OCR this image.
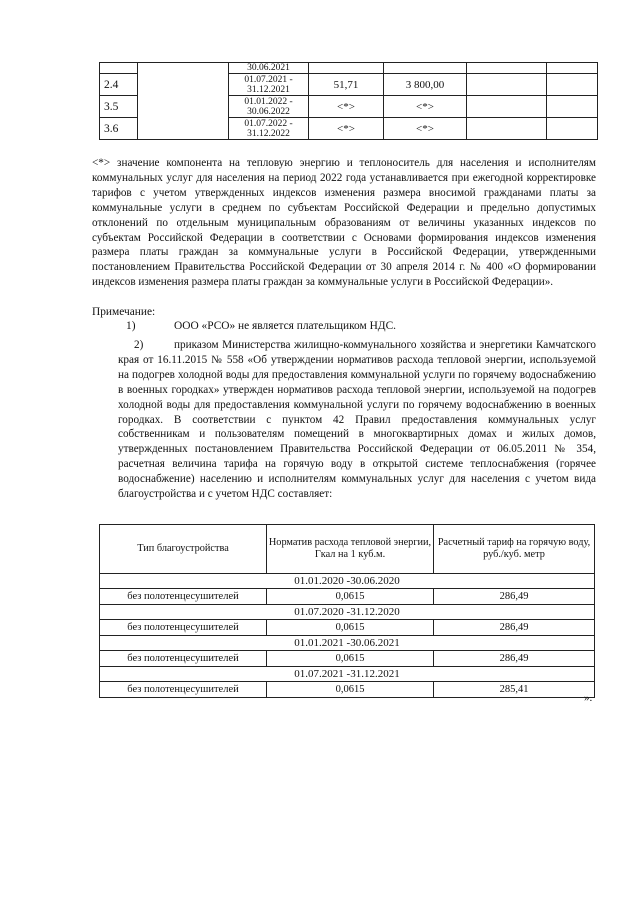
		30.06.2021				
2.4		01.07.2021 - 31.12.2021	51,71	3 800,00		
3.5		01.01.2022 - 30.06.2022	<*>	<*>		
3.6		01.07.2022 - 31.12.2022	<*>	<*>		
<*> значение компонента на тепловую энергию и теплоноситель для населения и исполнителям коммунальных услуг для населения на период 2022 года устанавливается при ежегодной корректировке тарифов с учетом утвержденных индексов изменения размера вносимой гражданами платы за коммунальные услуги в среднем по субъектам Российской Федерации и предельно допустимых отклонений по отдельным муниципальным образованиям от величины указанных индексов по субъектам Российской Федерации в соответствии с Основами формирования индексов изменения размера платы граждан за коммунальные услуги в Российской Федерации, утвержденными постановлением Правительства Российской Федерации от 30 апреля 2014 г. № 400 «О формировании индексов изменения размера платы граждан за коммунальные услуги в Российской Федерации».
Примечание:
1)	ООО «РСО» не является плательщиком НДС.

2)	приказом Министерства жилищно-коммунального хозяйства и энергетики Камчатского края от 16.11.2015 № 558 «Об утверждении нормативов расхода тепловой энергии, используемой на подогрев холодной воды для предоставления коммунальной услуги по горячему водоснабжению в военных городках» утвержден нормативов расхода тепловой энергии, используемой на подогрев холодной воды для предоставления коммунальной услуги по горячему водоснабжению в военных городках. В соответствии с пунктом 42 Правил предоставления коммунальных услуг собственникам и пользователям помещений в многоквартирных домах и жилых домов, утвержденных постановлением Правительства Российской Федерации от 06.05.2011 № 354, расчетная величина тарифа на горячую воду в открытой системе теплоснабжения (горячее водоснабжение) населению и исполнителям коммунальных услуг для населения с учетом вида благоустройства и с учетом НДС составляет:

Тип благоустройства	Норматив расхода тепловой энергии, Гкал на 1 куб.м.	Расчетный тариф на горячую воду, руб./куб. метр
01.01.2020 -30.06.2020		
без полотенцесушителей	0,0615	286,49
01.07.2020 -31.12.2020		
без полотенцесушителей	0,0615	286,49
01.01.2021 -30.06.2021		
без полотенцесушителей	0,0615	286,49
01.07.2021 -31.12.2021		
без полотенцесушителей	0,0615	285,41
».
